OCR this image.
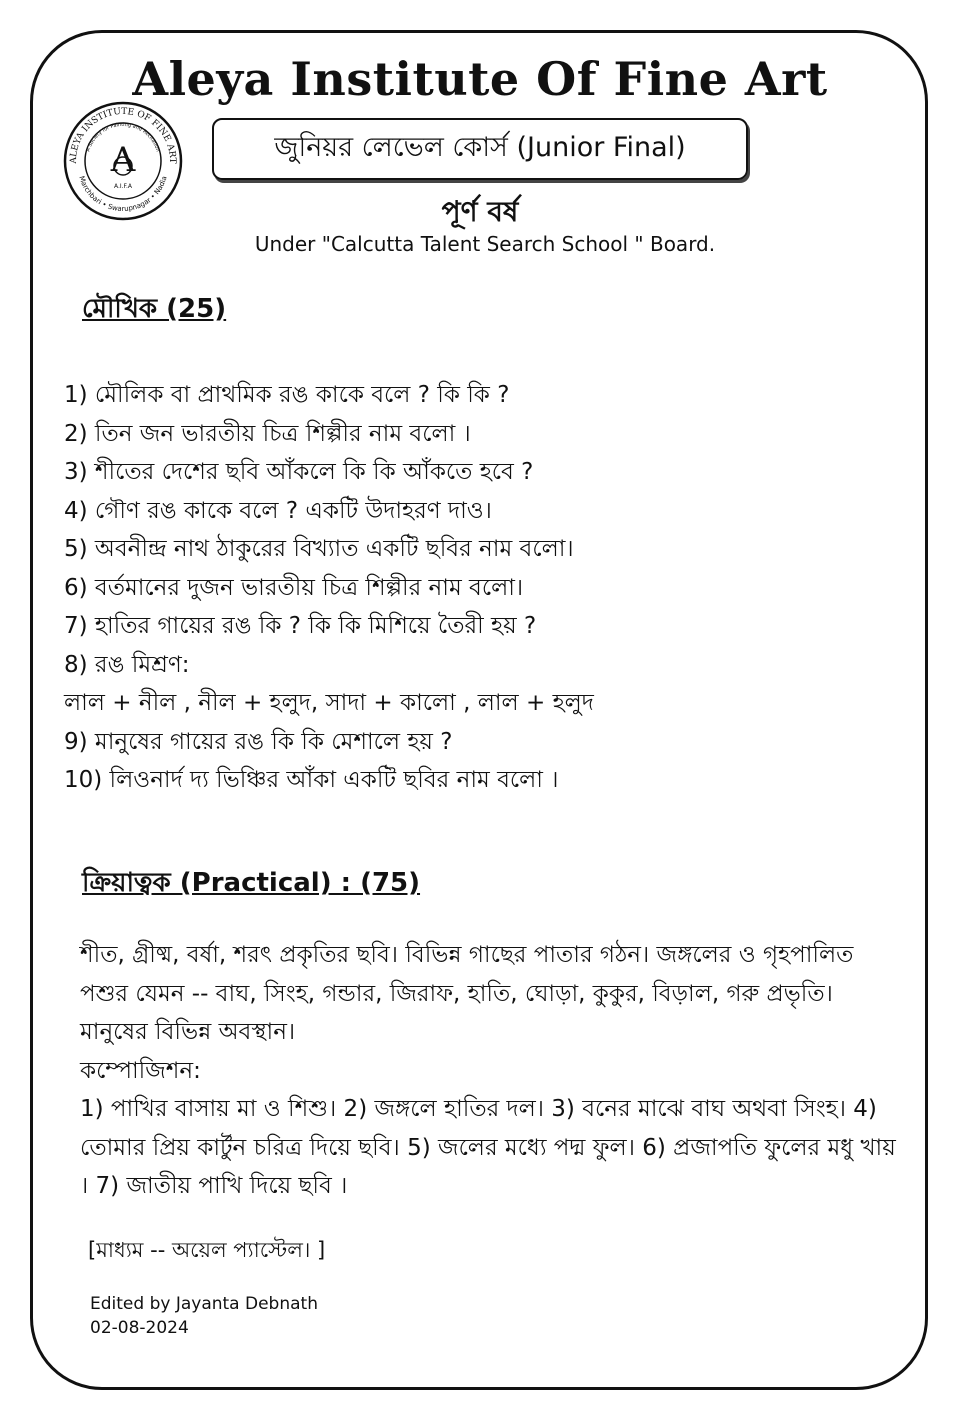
Aleya Institute Of Fine Art
ALEYA INSTITUTE OF FINE ART
A Society for Painting and Recitation
Marchbari • Swarupnagar • Nadia
A
A.I.F.A
জুনিয়র লেভেল কোর্স (Junior Final)
পূর্ণ বর্ষ
Under "Calcutta Talent Search School " Board.
মৌখিক (25)
1) মৌলিক বা প্রাথমিক রঙ কাকে বলে ? কি কি ?
2) তিন জন ভারতীয় চিত্র শিল্পীর নাম বলো ।
3) শীতের দেশের ছবি আঁকলে কি কি আঁকতে হবে ?
4) গৌণ রঙ কাকে বলে ? একটি উদাহরণ দাও।
5) অবনীন্দ্র নাথ ঠাকুরের বিখ্যাত একটি ছবির নাম বলো।
6) বর্তমানের দুজন ভারতীয় চিত্র শিল্পীর নাম বলো।
7) হাতির গায়ের রঙ কি ? কি কি মিশিয়ে তৈরী হয় ?
8) রঙ মিশ্রণ:
লাল + নীল , নীল + হলুদ, সাদা + কালো , লাল + হলুদ
9) মানুষের গায়ের রঙ কি কি মেশালে হয় ?
10) লিওনার্দ দ্য ভিঞ্চির আঁকা একটি ছবির নাম বলো ।
ক্রিয়াত্বক (Practical) : (75)

শীত, গ্রীষ্ম, বর্ষা, শরৎ প্রকৃতির ছবি। বিভিন্ন গাছের পাতার গঠন। জঙ্গলের ও গৃহপালিত পশুর যেমন -- বাঘ, সিংহ, গন্ডার, জিরাফ, হাতি, ঘোড়া, কুকুর, বিড়াল, গরু প্রভৃতি। মানুষের বিভিন্ন অবস্থান।

কম্পোজিশন:

1) পাখির বাসায় মা ও শিশু। 2) জঙ্গলে হাতির দল। 3) বনের মাঝে বাঘ অথবা সিংহ। 4) তোমার প্রিয় কার্টুন চরিত্র দিয়ে ছবি। 5) জলের মধ্যে পদ্ম ফুল। 6) প্রজাপতি ফুলের মধু খায় । 7) জাতীয় পাখি দিয়ে ছবি ।

[মাধ্যম -- অয়েল প্যাস্টেল। ]
Edited by Jayanta Debnath
02-08-2024
